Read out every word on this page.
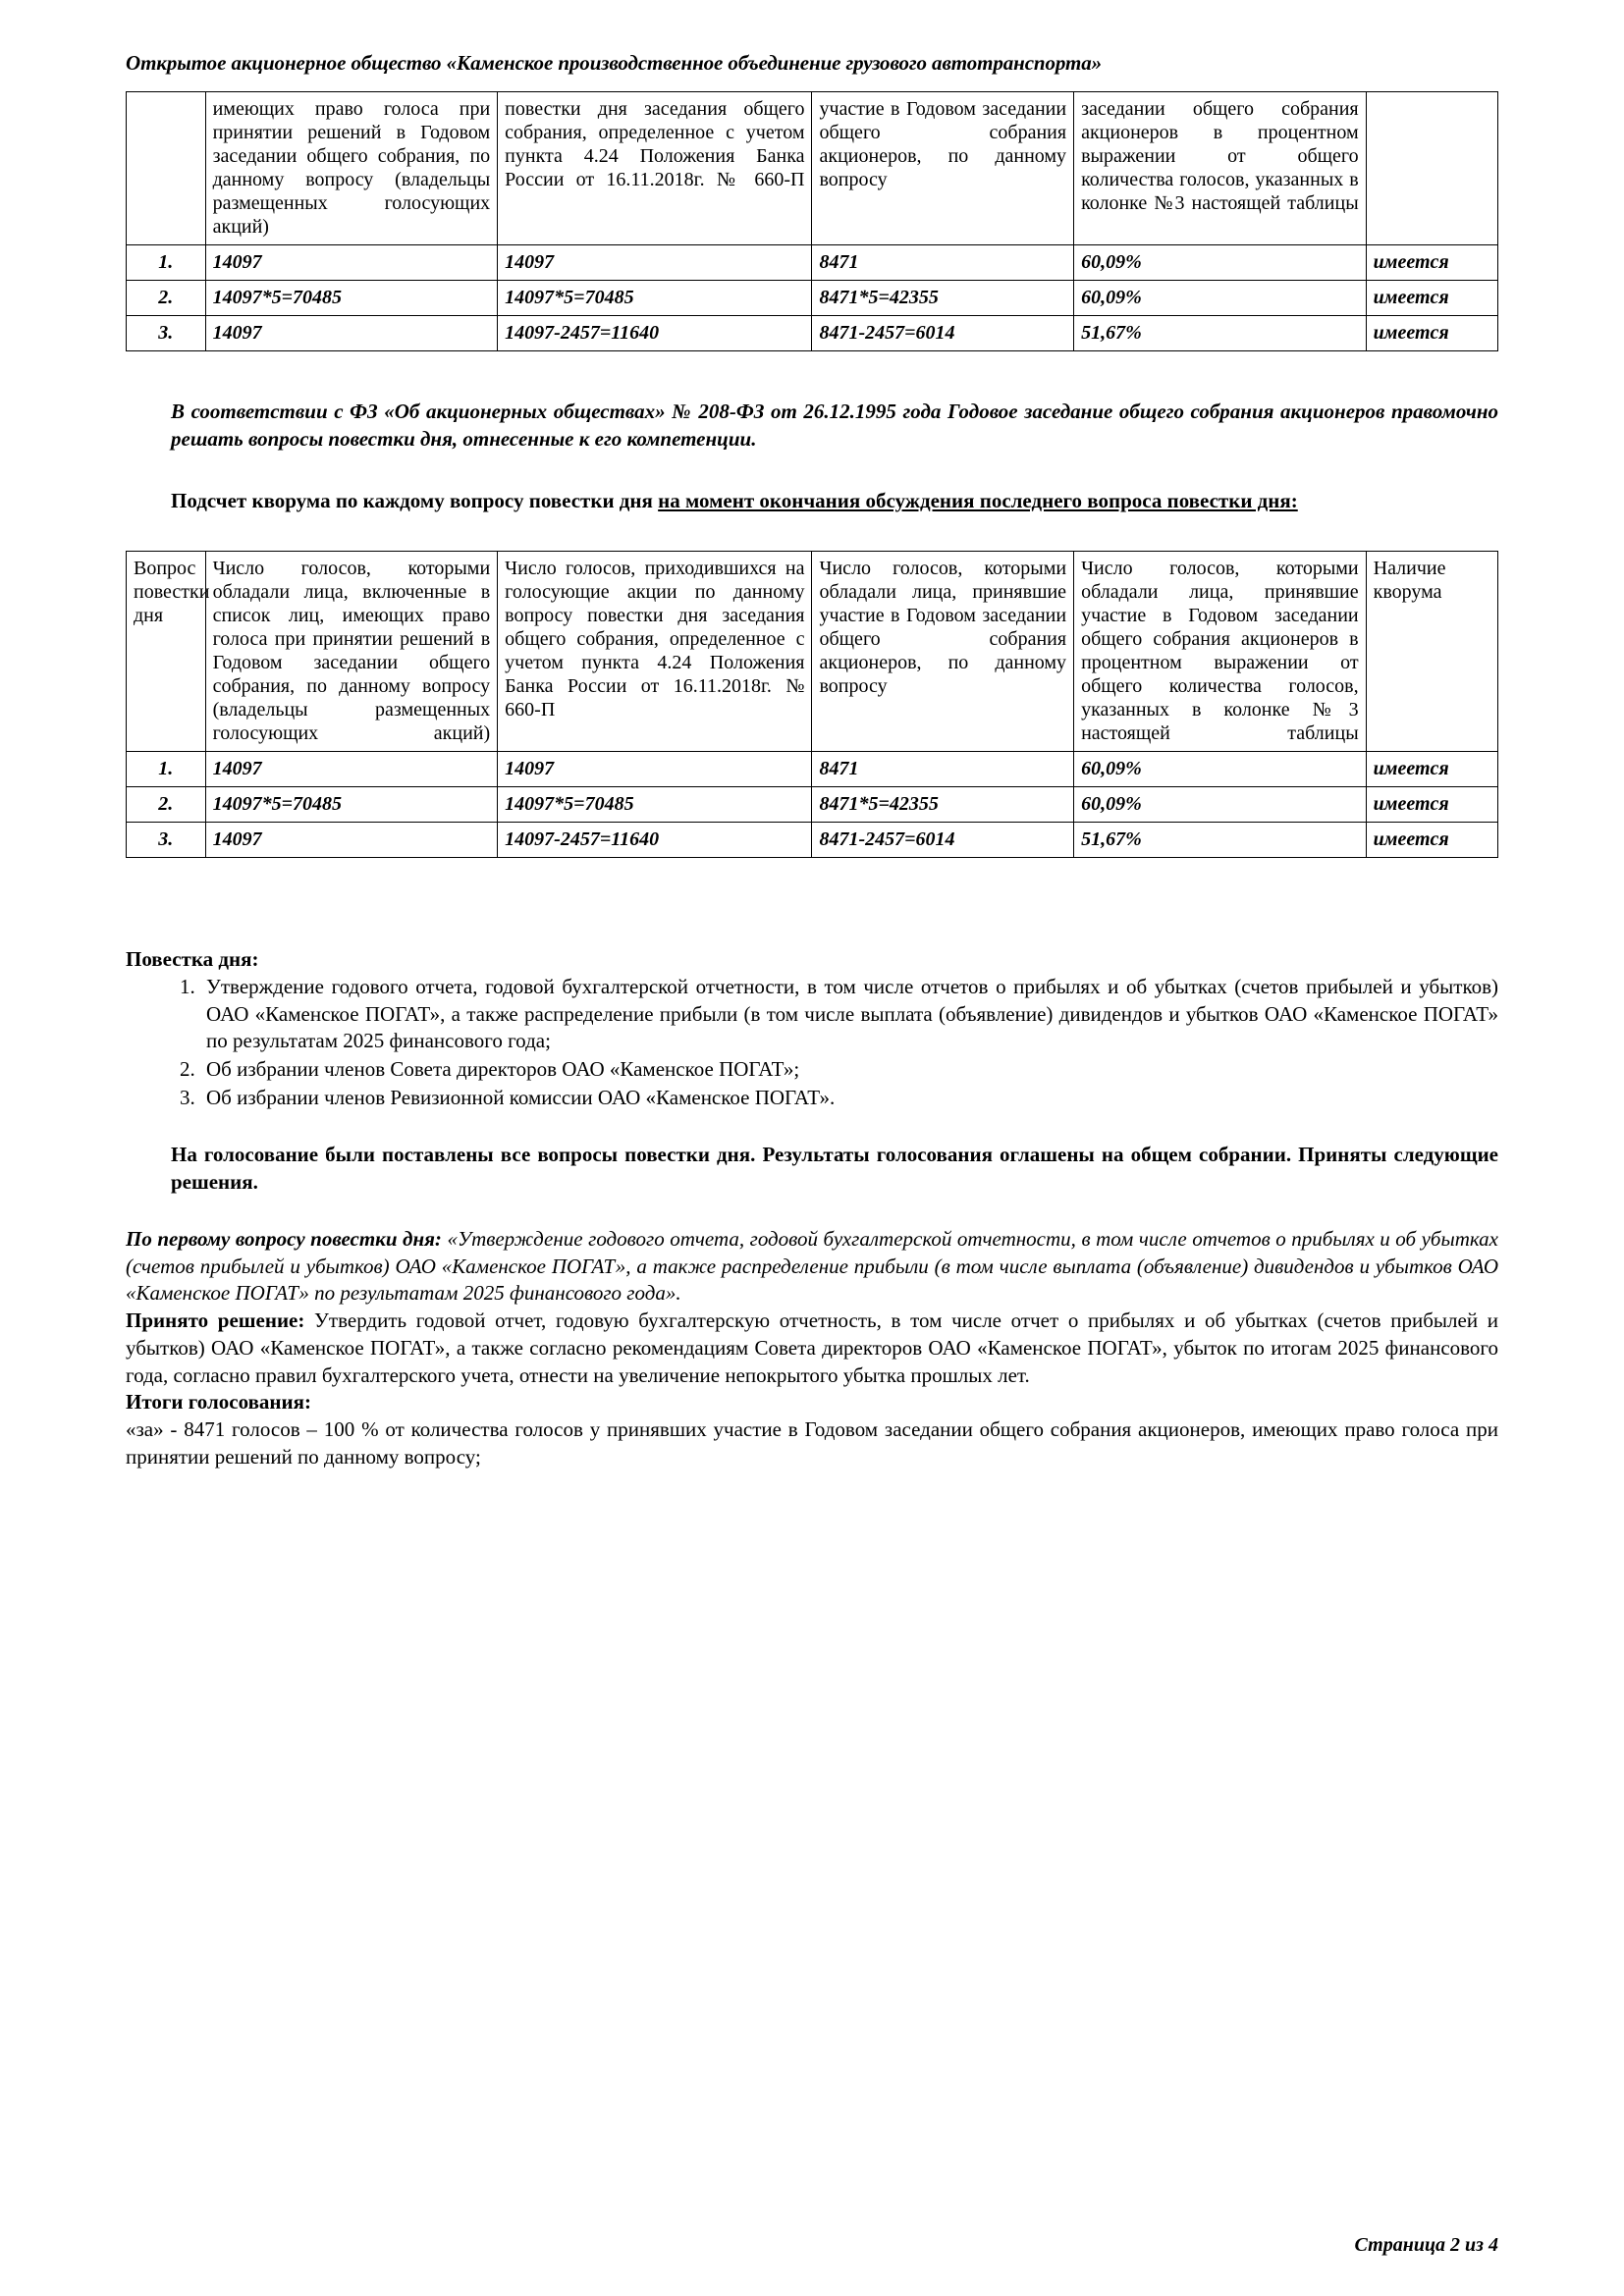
Открытое акционерное общество «Каменское производственное объединение грузового автотранспорта»
	имеющих право голоса при принятии решений в Годовом заседании общего собрания, по данному вопросу (владельцы размещенных голосующих акций)	повестки дня заседания общего собрания, определенное с учетом пункта 4.24 Положения Банка России от 16.11.2018г. № 660-П	участие в Годовом заседании общего собрания акционеров, по данному вопросу	заседании общего собрания акционеров в процентном выражении от общего количества голосов, указанных в колонке №3 настоящей таблицы	
1.	14097	14097	8471	60,09%	имеется
2.	14097*5=70485	14097*5=70485	8471*5=42355	60,09%	имеется
3.	14097	14097-2457=11640	8471-2457=6014	51,67%	имеется

В соответствии с ФЗ «Об акционерных обществах» № 208-ФЗ от 26.12.1995 года Годовое заседание общего собрания акционеров правомочно решать вопросы повестки дня, отнесенные к его компетенции.

Подсчет кворума по каждому вопросу повестки дня на момент окончания обсуждения последнего вопроса повестки дня:

Вопрос повестки дня	Число голосов, которыми обладали лица, включенные в список лиц, имеющих право голоса при принятии решений в Годовом заседании общего собрания, по данному вопросу (владельцы размещенных голосующих акций)	Число голосов, приходившихся на голосующие акции по данному вопросу повестки дня заседания общего собрания, определенное с учетом пункта 4.24 Положения Банка России от 16.11.2018г. № 660-П	Число голосов, которыми обладали лица, принявшие участие в Годовом заседании общего собрания акционеров, по данному вопросу	Число голосов, которыми обладали лица, принявшие участие в Годовом заседании общего собрания акционеров в процентном выражении от общего количества голосов, указанных в колонке №3 настоящей таблицы	Наличие кворума
1.	14097	14097	8471	60,09%	имеется
2.	14097*5=70485	14097*5=70485	8471*5=42355	60,09%	имеется
3.	14097	14097-2457=11640	8471-2457=6014	51,67%	имеется

Повестка дня:

1. Утверждение годового отчета, годовой бухгалтерской отчетности, в том числе отчетов о прибылях и об убытках (счетов прибылей и убытков) ОАО «Каменское ПОГАТ», а также распределение прибыли (в том числе выплата (объявление) дивидендов и убытков ОАО «Каменское ПОГАТ» по результатам 2025 финансового года;
2. Об избрании членов Совета директоров ОАО «Каменское ПОГАТ»;
3. Об избрании членов Ревизионной комиссии ОАО «Каменское ПОГАТ».

На голосование были поставлены все вопросы повестки дня. Результаты голосования оглашены на общем собрании. Приняты следующие решения.

По первому вопросу повестки дня: «Утверждение годового отчета, годовой бухгалтерской отчетности, в том числе отчетов о прибылях и об убытках (счетов прибылей и убытков) ОАО «Каменское ПОГАТ», а также распределение прибыли (в том числе выплата (объявление) дивидендов и убытков ОАО «Каменское ПОГАТ» по результатам 2025 финансового года».

Принято решение: Утвердить годовой отчет, годовую бухгалтерскую отчетность, в том числе отчет о прибылях и об убытках (счетов прибылей и убытков) ОАО «Каменское ПОГАТ», а также согласно рекомендациям Совета директоров ОАО «Каменское ПОГАТ», убыток по итогам 2025 финансового года, согласно правил бухгалтерского учета, отнести на увеличение непокрытого убытка прошлых лет.

Итоги голосования:

«за» - 8471 голосов – 100 % от количества голосов у принявших участие в Годовом заседании общего собрания акционеров, имеющих право голоса при принятии решений по данному вопросу;

Страница 2 из 4
